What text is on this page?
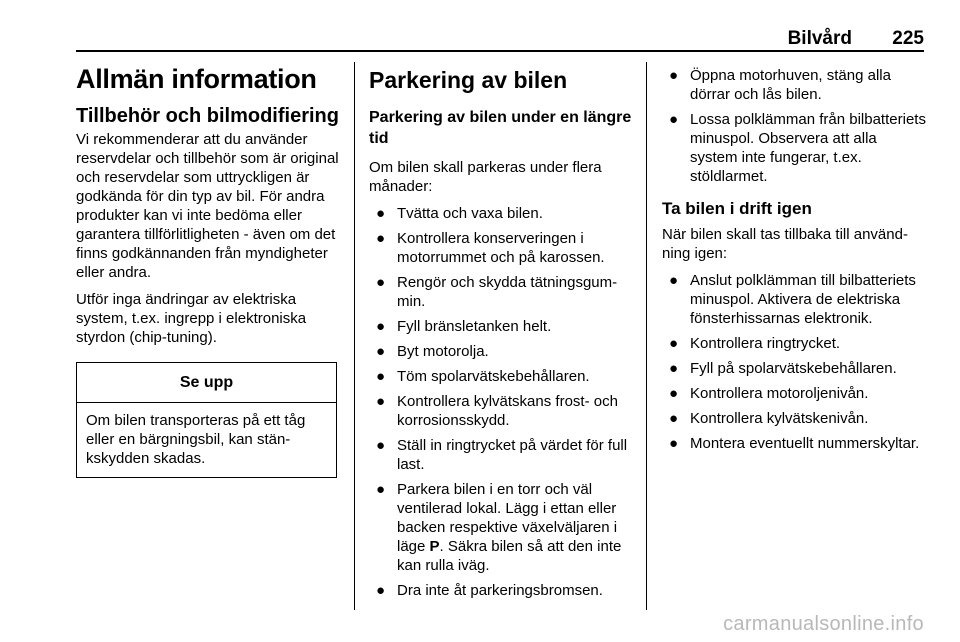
Bilvård 225
Allmän information
Tillbehör och bilmodifiering

Vi rekommenderar att du använder reservdelar och tillbehör som är original och reservdelar som uttryckligen är godkända för din typ av bil. För andra produkter kan vi inte bedöma eller garantera tillförlitligheten - även om det finns godkännanden från myndigheter eller andra.

Utför inga ändringar av elektriska system, t.ex. ingrepp i elektroniska styrdon (chip-tuning).

Se upp
Om bilen transporteras på ett tåg eller en bärgningsbil, kan stänkskydden skadas.
Parkering av bilen
Parkering av bilen under en längre tid

Om bilen skall parkeras under flera månader:

● Tvätta och vaxa bilen.
● Kontrollera konserveringen i motorrummet och på karossen.
● Rengör och skydda tätningsgummin.
● Fyll bränsletanken helt.
● Byt motorolja.
● Töm spolarvätskebehållaren.
● Kontrollera kylvätskans frost- och korrosionsskydd.
● Ställ in ringtrycket på värdet för full last.
● Parkera bilen i en torr och väl ventilerad lokal. Lägg i ettan eller backen respektive växelväljaren i läge P. Säkra bilen så att den inte kan rulla iväg.
● Dra inte åt parkeringsbromsen.
● Öppna motorhuven, stäng alla dörrar och lås bilen.
● Lossa polklämman från bilbatteriets minuspol. Observera att alla system inte fungerar, t.ex. stöldlarmet.
Ta bilen i drift igen

När bilen skall tas tillbaka till användning igen:

● Anslut polklämman till bilbatteriets minuspol. Aktivera de elektriska fönsterhissarnas elektronik.
● Kontrollera ringtrycket.
● Fyll på spolarvätskebehållaren.
● Kontrollera motoroljenivån.
● Kontrollera kylvätskenivån.
● Montera eventuellt nummerskyltar.
carmanualsonline.info
